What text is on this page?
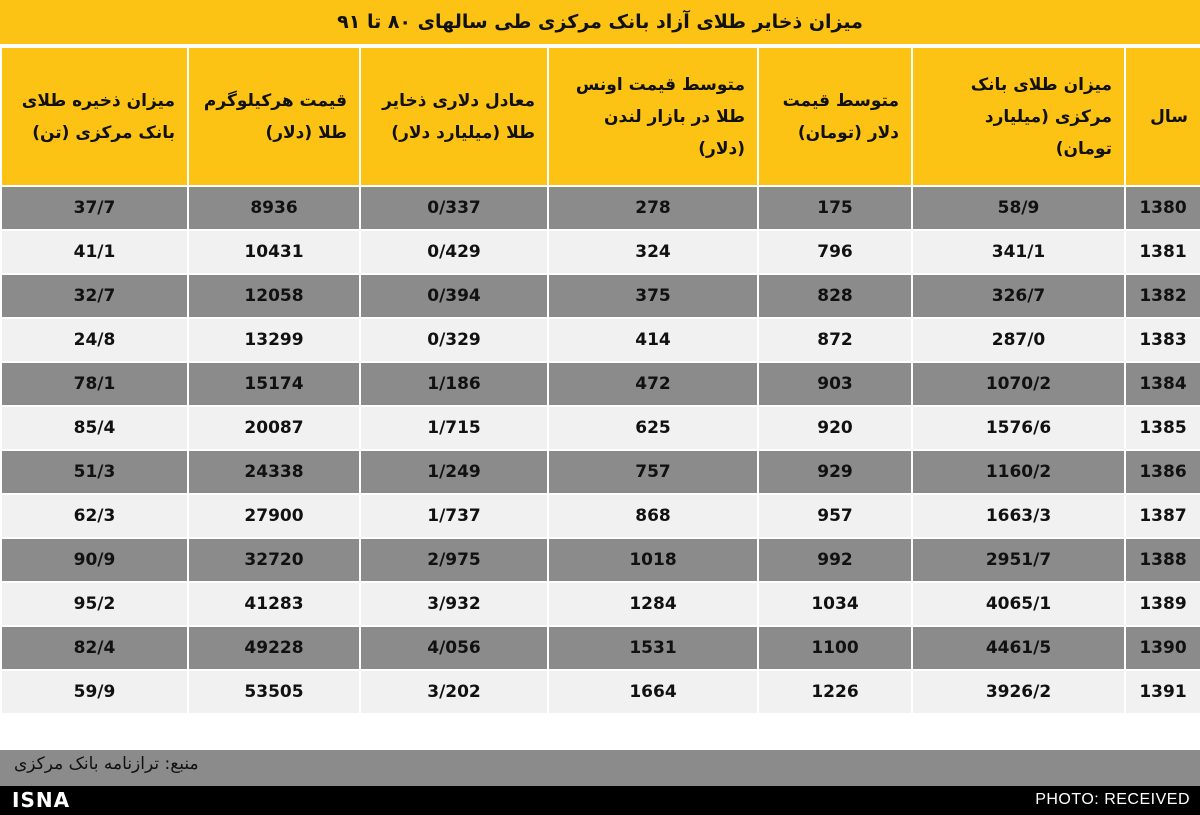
میزان ذخایر طلای آزاد بانک مرکزی طی سالهای ۸۰ تا ۹۱
سال	میزان طلای بانک مرکزی (میلیارد تومان)	متوسط قیمت دلار (تومان)	متوسط قیمت اونس طلا در بازار لندن (دلار)	معادل دلاری ذخایر طلا (میلیارد دلار)	قیمت هرکیلوگرم طلا (دلار)	میزان ذخیره طلای بانک مرکزی (تن)
1380	58/9	175	278	0/337	8936	37/7
1381	341/1	796	324	0/429	10431	41/1
1382	326/7	828	375	0/394	12058	32/7
1383	287/0	872	414	0/329	13299	24/8
1384	1070/2	903	472	1/186	15174	78/1
1385	1576/6	920	625	1/715	20087	85/4
1386	1160/2	929	757	1/249	24338	51/3
1387	1663/3	957	868	1/737	27900	62/3
1388	2951/7	992	1018	2/975	32720	90/9
1389	4065/1	1034	1284	3/932	41283	95/2
1390	4461/5	1100	1531	4/056	49228	82/4
1391	3926/2	1226	1664	3/202	53505	59/9
منبع: ترازنامه بانک مرکزی
ISNA	PHOTO: RECEIVED
